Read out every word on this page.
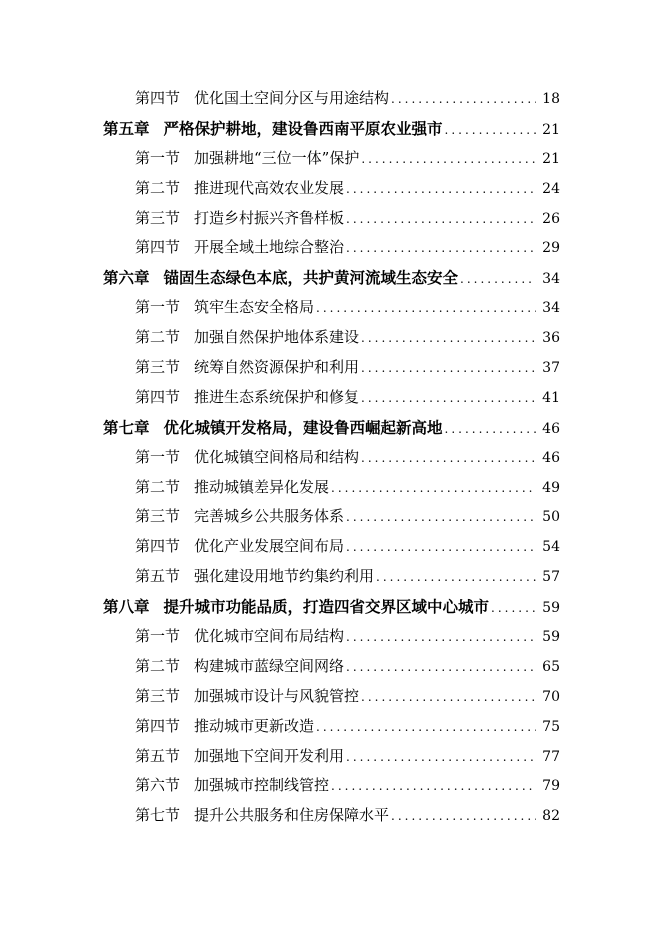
第四节 优化国土空间分区与用途结构 .....	18
第五章 严格保护耕地，建设鲁西南平原农业强市 .....	21
第一节 加强耕地“三位一体”保护 .....	21
第二节 推进现代高效农业发展 .....	24
第三节 打造乡村振兴齐鲁样板 .....	26
第四节 开展全域土地综合整治 .....	29
第六章 锚固生态绿色本底，共护黄河流域生态安全 .....	34
第一节 筑牢生态安全格局 .....	34
第二节 加强自然保护地体系建设 .....	36
第三节 统筹自然资源保护和利用 .....	37
第四节 推进生态系统保护和修复 .....	41
第七章 优化城镇开发格局，建设鲁西崛起新高地 .....	46
第一节 优化城镇空间格局和结构 .....	46
第二节 推动城镇差异化发展 .....	49
第三节 完善城乡公共服务体系 .....	50
第四节 优化产业发展空间布局 .....	54
第五节 强化建设用地节约集约利用 .....	57
第八章 提升城市功能品质，打造四省交界区域中心城市 .....	59
第一节 优化城市空间布局结构 .....	59
第二节 构建城市蓝绿空间网络 .....	65
第三节 加强城市设计与风貌管控 .....	70
第四节 推动城市更新改造 .....	75
第五节 加强地下空间开发利用 .....	77
第六节 加强城市控制线管控 .....	79
第七节 提升公共服务和住房保障水平 .....	82
